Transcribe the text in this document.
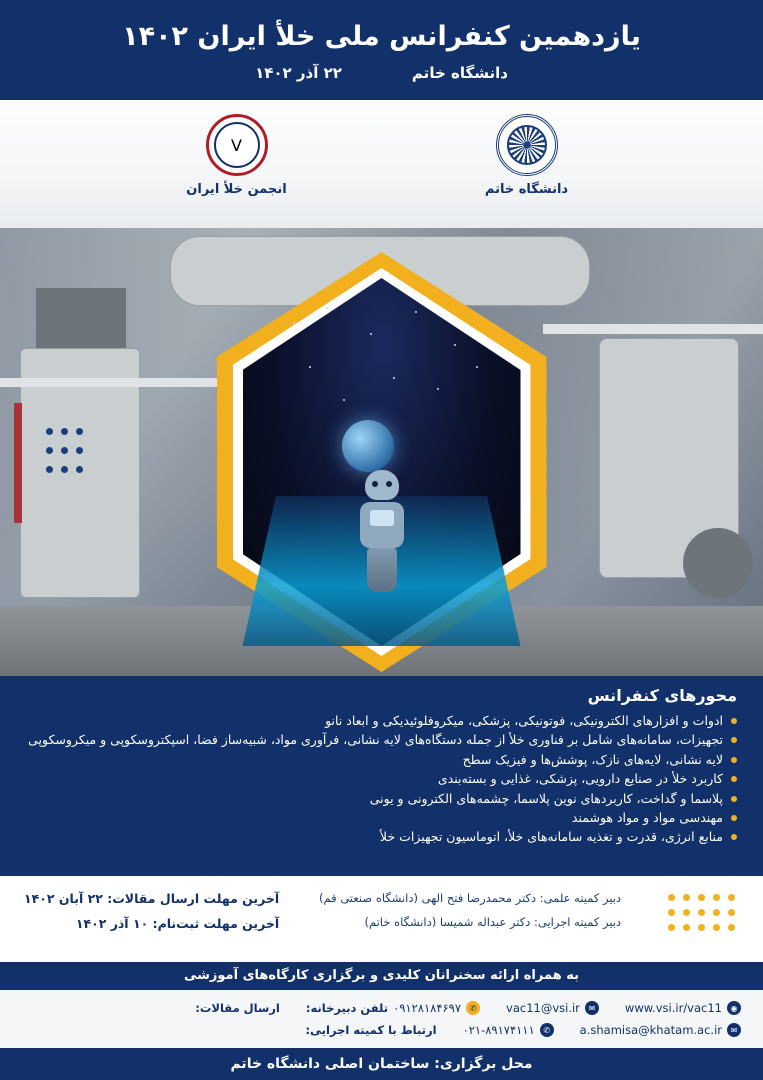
یازدهمین کنفرانس ملی خلأ ایران ۱۴۰۲
دانشگاه خاتم
۲۲ آذر ۱۴۰۲
دانشگاه خاتم
V
انجمن خلأ ایران

محورهای کنفرانس
ادوات و افزارهای الکترونیکی، فوتونیکی، پزشکی، میکروفلوئیدیکی و ابعاد نانو
تجهیزات، سامانه‌های شامل بر فناوری خلأ از جمله دستگاه‌های لایه نشانی، فرآوری مواد، شبیه‌ساز فضا، اسپکتروسکوپی و میکروسکوپی
لایه نشانی، لایه‌های نازک، پوشش‌ها و فیزیک سطح
کاربرد خلأ در صنایع دارویی، پزشکی، غذایی و بسته‌بندی
پلاسما و گداخت، کاربردهای نوین پلاسما، چشمه‌های الکترونی و یونی
مهندسی مواد و مواد هوشمند
منابع انرژی، قدرت و تغذیه سامانه‌های خلأ، اتوماسیون تجهیزات خلأ
دبیر کمیته علمی: دکتر محمدرضا فتح الهی (دانشگاه صنعتی قم)
دبیر کمیته اجرایی: دکتر عبداله شمیسا (دانشگاه خاتم)
آخرین مهلت ارسال مقالات: ۲۲ آبان ۱۴۰۲
آخرین مهلت ثبت‌نام: ۱۰ آذر ۱۴۰۲
به همراه ارائه سخنرانان کلیدی و برگزاری کارگاه‌های آموزشی
◉
www.vsi.ir/vac11
✉
vac11@vsi.ir
✆
۰۹۱۲۸۱۸۴۶۹۷
تلفن دبیرخانه:
ارسال مقالات:
✉
a.shamisa@khatam.ac.ir
✆
۰۲۱-۸۹۱۷۴۱۱۱
ارتباط با کمیته اجرایی:
محل برگزاری: ساختمان اصلی دانشگاه خاتم
